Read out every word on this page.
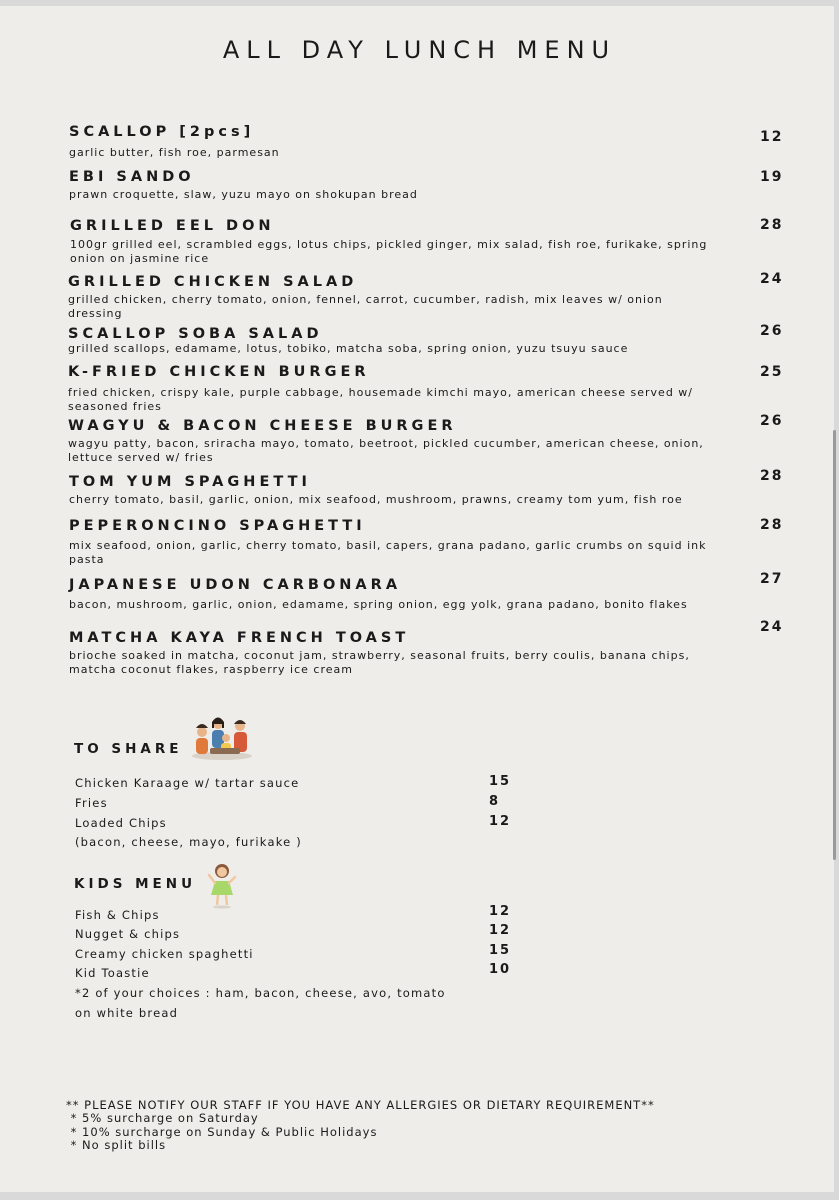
ALL DAY LUNCH MENU
SCALLOP [2pcs]
garlic butter, fish roe, parmesan
12
EBI SANDO
prawn croquette, slaw, yuzu mayo on shokupan bread
19
GRILLED EEL DON
100gr grilled eel, scrambled eggs, lotus chips, pickled ginger, mix salad, fish roe, furikake, spring onion on jasmine rice
28
GRILLED CHICKEN SALAD
grilled chicken, cherry tomato, onion, fennel, carrot, cucumber, radish, mix leaves w/ onion dressing
24
SCALLOP SOBA SALAD
grilled scallops, edamame, lotus, tobiko, matcha soba, spring onion, yuzu tsuyu sauce
26
K-FRIED CHICKEN BURGER
fried chicken, crispy kale, purple cabbage, housemade kimchi mayo, american cheese served w/ seasoned fries
25
WAGYU & BACON CHEESE BURGER
wagyu patty, bacon, sriracha mayo, tomato, beetroot, pickled cucumber, american cheese, onion, lettuce served w/ fries
26
TOM YUM SPAGHETTI
cherry tomato, basil, garlic, onion, mix seafood, mushroom, prawns, creamy tom yum, fish roe
28
PEPERONCINO SPAGHETTI
mix seafood, onion, garlic, cherry tomato, basil, capers, grana padano, garlic crumbs on squid ink pasta
28
JAPANESE UDON CARBONARA
bacon, mushroom, garlic, onion, edamame, spring onion, egg yolk, grana padano, bonito flakes
27
MATCHA KAYA FRENCH TOAST
brioche soaked in matcha, coconut jam, strawberry, seasonal fruits, berry coulis, banana chips, matcha coconut flakes, raspberry ice cream
24
TO SHARE
Chicken Karaage w/ tartar sauce	15
Fries	8
Loaded Chips	12
(bacon, cheese, mayo, furikake )
KIDS MENU
Fish & Chips	12
Nugget & chips	12
Creamy chicken spaghetti	15
Kid Toastie	10
*2 of your choices : ham, bacon, cheese, avo, tomato
on white bread
** PLEASE NOTIFY OUR STAFF IF YOU HAVE ANY ALLERGIES OR DIETARY REQUIREMENT**
* 5% surcharge on Saturday
* 10% surcharge on Sunday & Public Holidays
* No split bills
